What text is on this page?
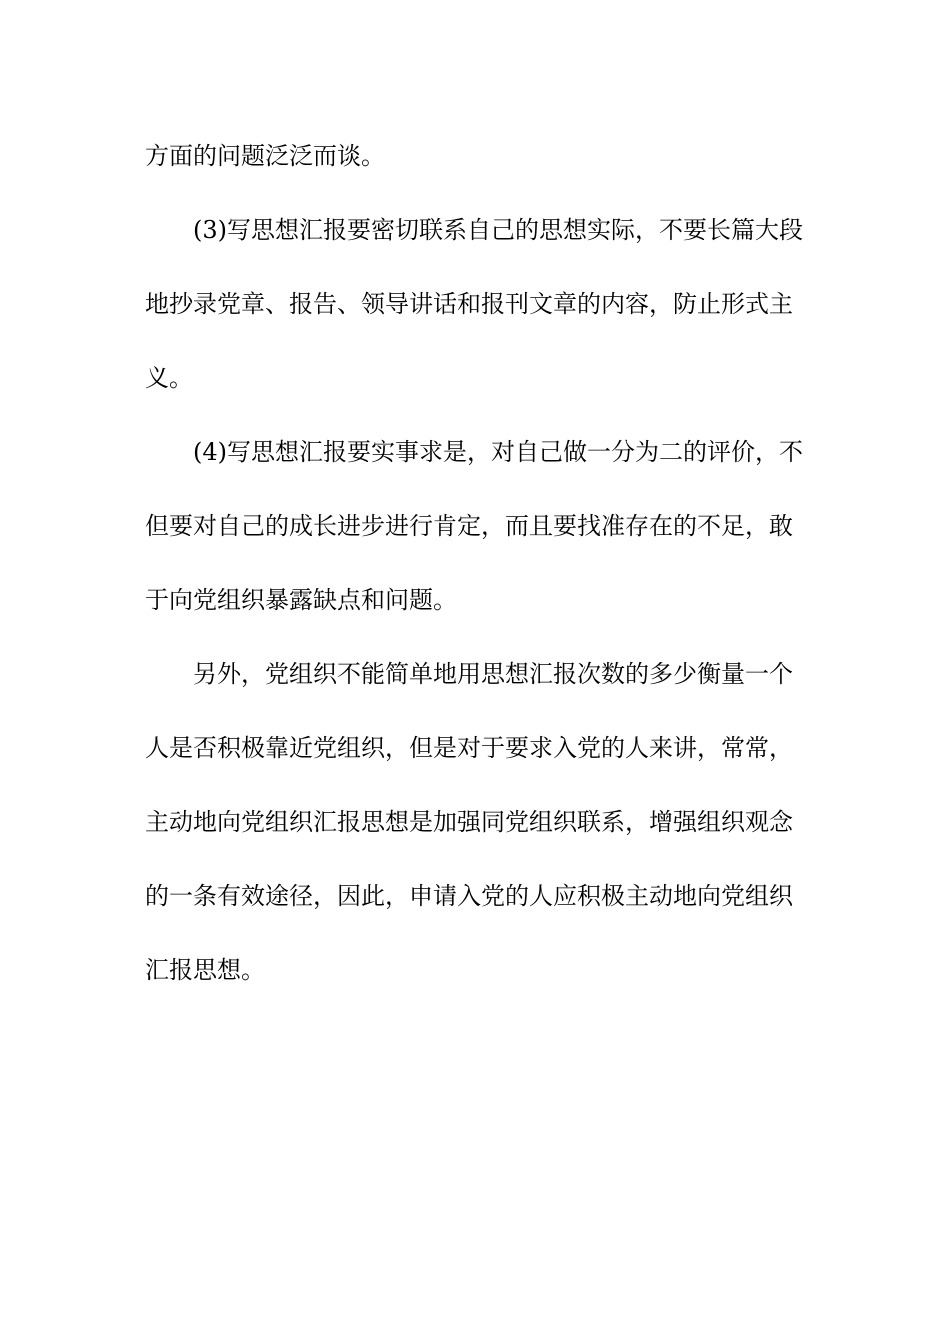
方面的问题泛泛而谈。
(3)写思想汇报要密切联系自己的思想实际，不要长篇大段
地抄录党章、报告、领导讲话和报刊文章的内容，防止形式主
义。
(4)写思想汇报要实事求是，对自己做一分为二的评价，不
但要对自己的成长进步进行肯定，而且要找准存在的不足，敢
于向党组织暴露缺点和问题。
另外，党组织不能简单地用思想汇报次数的多少衡量一个
人是否积极靠近党组织，但是对于要求入党的人来讲，常常，
主动地向党组织汇报思想是加强同党组织联系，增强组织观念
的一条有效途径，因此，申请入党的人应积极主动地向党组织
汇报思想。
